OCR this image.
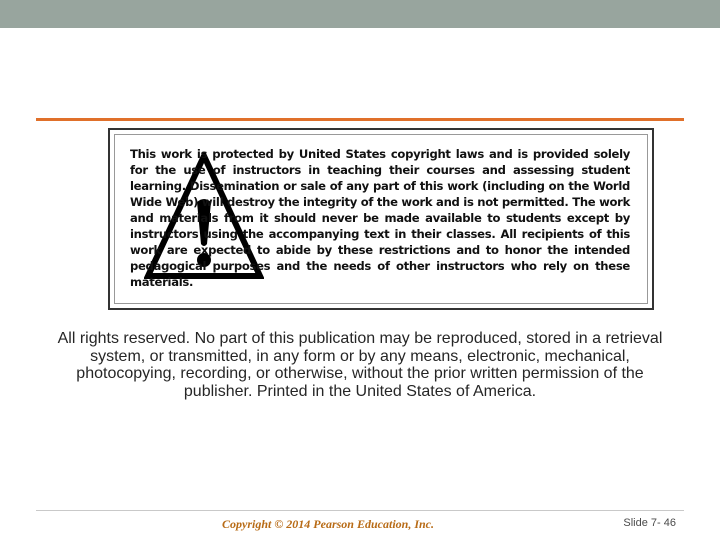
This work is protected by United States copyright laws and is provided solely for the use of instructors in teaching their courses and assessing student learning. Dissemination or sale of any part of this work (including on the World Wide Web) will destroy the integrity of the work and is not permitted. The work and materials from it should never be made available to students except by instructors using the accompanying text in their classes. All recipients of this work are expected to abide by these restrictions and to honor the intended pedagogical purposes and the needs of other instructors who rely on these materials.
All rights reserved. No part of this publication may be reproduced, stored in a retrieval system, or transmitted, in any form or by any means, electronic, mechanical, photocopying, recording, or otherwise, without the prior written permission of the publisher. Printed in the United States of America.
Copyright © 2014 Pearson Education, Inc.	Slide 7- 46
